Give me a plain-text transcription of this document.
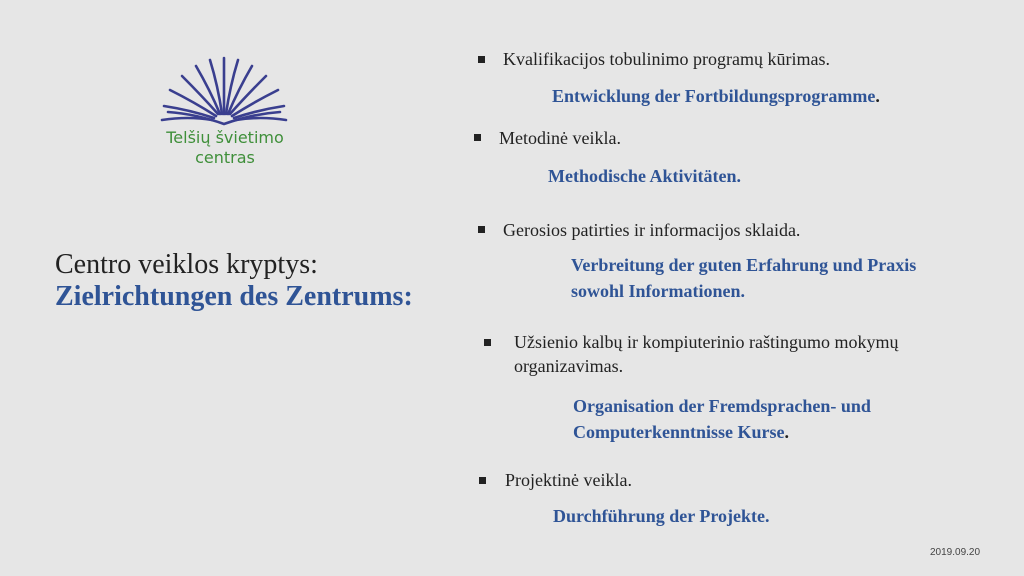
Telšių švietimo
centras
Centro veiklos kryptys:
Zielrichtungen des Zentrums:
Kvalifikacijos tobulinimo programų kūrimas.
Entwicklung der Fortbildungsprogramme.
Metodinė veikla.
Methodische Aktivitäten.
Gerosios patirties ir informacijos sklaida.
Verbreitung der guten Erfahrung und Praxis
sowohl Informationen.
Užsienio kalbų ir kompiuterinio raštingumo mokymų
organizavimas.
Organisation der Fremdsprachen- und
Computerkenntnisse Kurse.
Projektinė veikla.
Durchführung der Projekte.
2019.09.20
